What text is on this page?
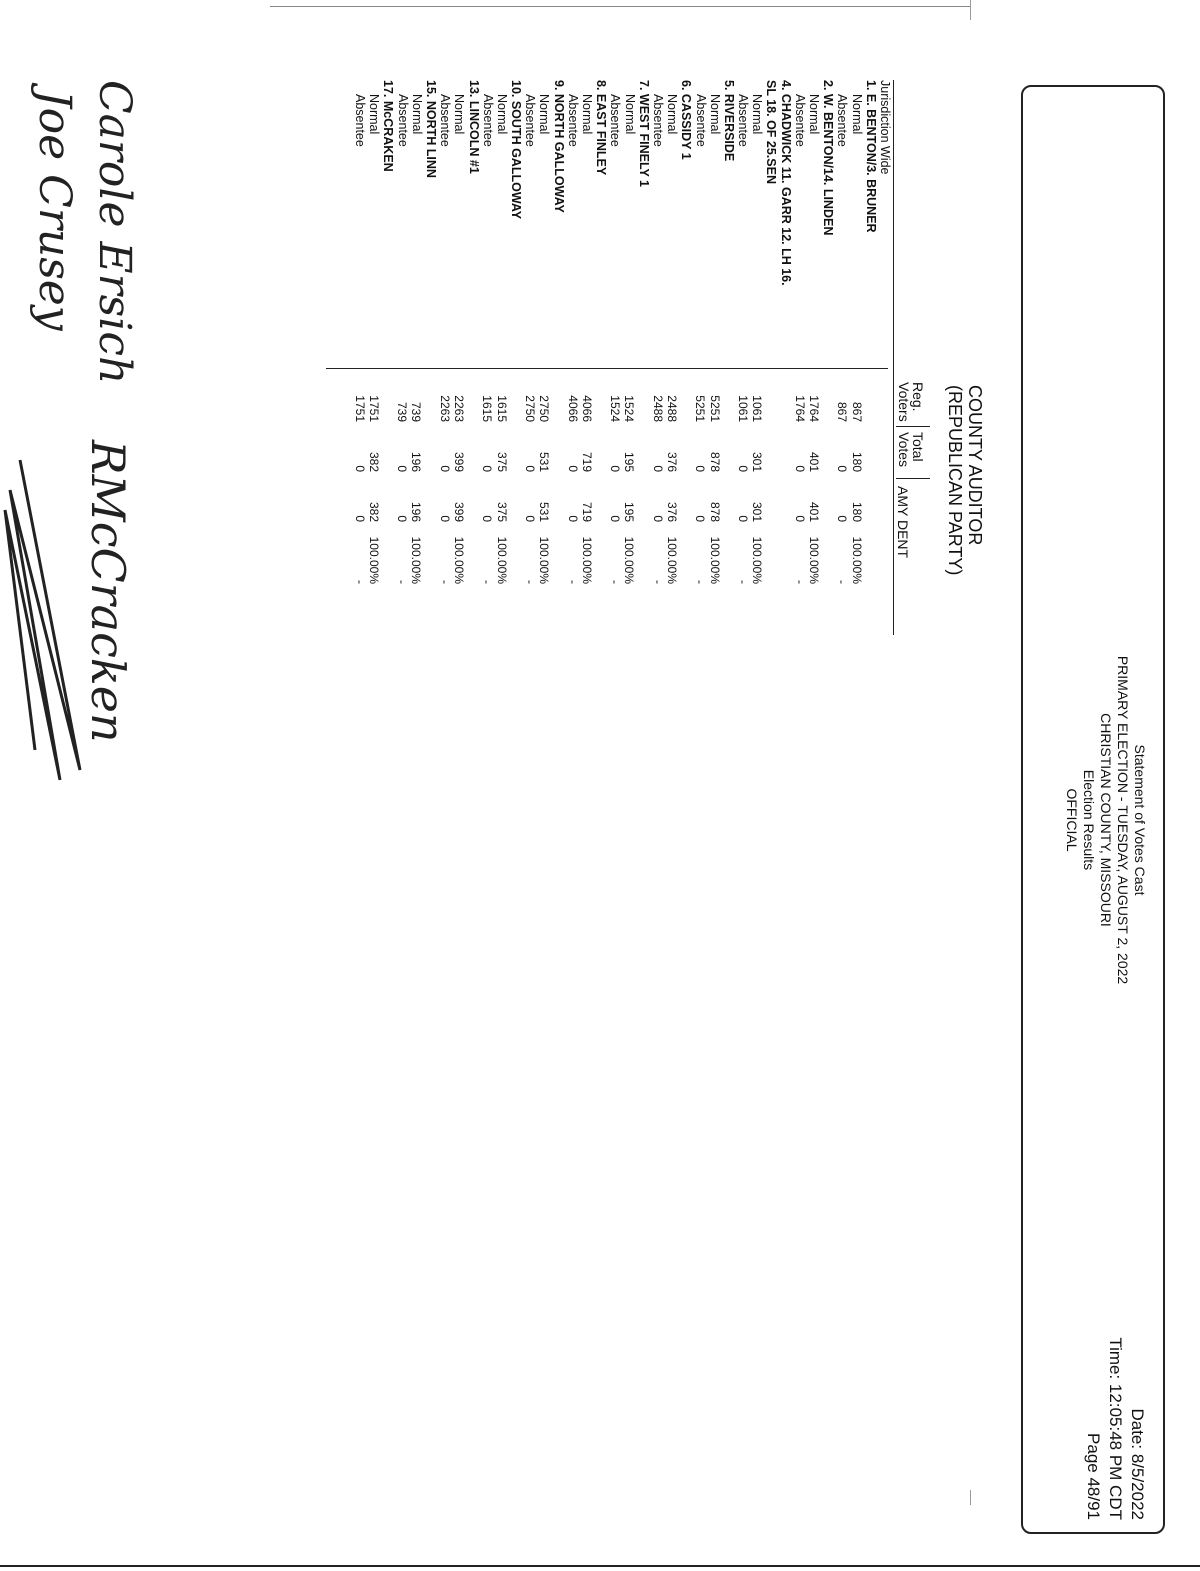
Statement of Votes Cast
PRIMARY ELECTION - TUESDAY, AUGUST 2, 2022
CHRISTIAN COUNTY, MISSOURI
Election Results
OFFICIAL
Date: 8/5/2022
Time: 12:05:48 PM CDT
Page 48/91
COUNTY AUDITOR
(REPUBLICAN PARTY)
Reg.
Voters
Total
Votes
AMY DENT
Jurisdiction Wide
1. E. BENTON/3. BRUNER
Normal
Absentee
2. W. BENTON/14. LINDEN
Normal
Absentee
4. CHADWICK 11. GARR 12. LH 16.
SL 18. OF 25.SEN
Normal
Absentee
5. RIVERSIDE
Normal
Absentee
6. CASSIDY 1
Normal
Absentee
7. WEST FINELY 1
Normal
Absentee
8. EAST FINLEY
Normal
Absentee
9. NORTH GALLOWAY
Normal
Absentee
10. SOUTH GALLOWAY
Normal
Absentee
13. LINCOLN #1
Normal
Absentee
15. NORTH LINN
Normal
Absentee
17. McCRAKEN
Normal
Absentee
867
180
180
100.00%
867
0
0
-
1764
401
401
100.00%
1764
0
0
-
1061
301
301
100.00%
1061
0
0
-
5251
878
878
100.00%
5251
0
0
-
2488
376
376
100.00%
2488
0
0
-
1524
195
195
100.00%
1524
0
0
-
4066
719
719
100.00%
4066
0
0
-
2750
531
531
100.00%
2750
0
0
-
1615
375
375
100.00%
1615
0
0
-
2263
399
399
100.00%
2263
0
0
-
739
196
196
100.00%
739
0
0
-
1751
382
382
100.00%
1751
0
0
-
Carole Ersich
Joe Crusey
RMcCracken
